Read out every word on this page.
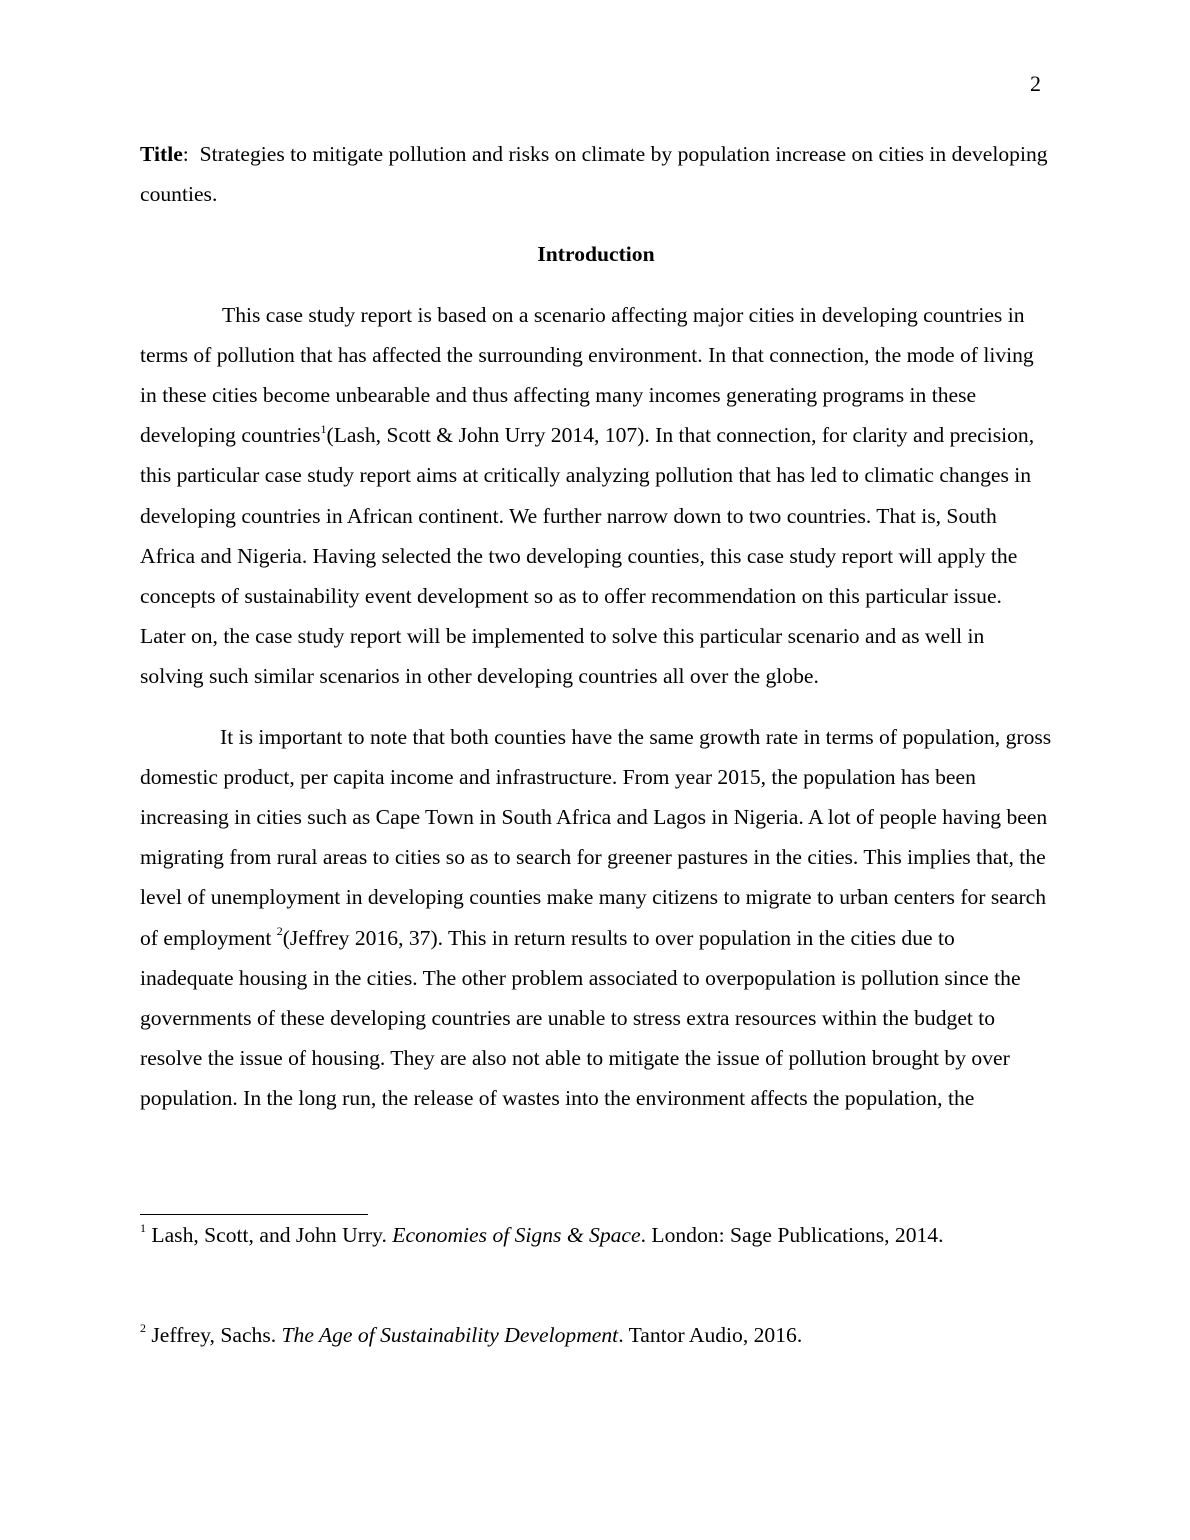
2

Title:  Strategies to mitigate pollution and risks on climate by population increase on cities in developing counties.

Introduction

This case study report is based on a scenario affecting major cities in developing countries in terms of pollution that has affected the surrounding environment. In that connection, the mode of living in these cities become unbearable and thus affecting many incomes generating programs in these developing countries$^1$(Lash, Scott & John Urry 2014, 107). In that connection, for clarity and precision, this particular case study report aims at critically analyzing pollution that has led to climatic changes in developing countries in African continent. We further narrow down to two countries. That is, South Africa and Nigeria. Having selected the two developing counties, this case study report will apply the concepts of sustainability event development so as to offer recommendation on this particular issue. Later on, the case study report will be implemented to solve this particular scenario and as well in solving such similar scenarios in other developing countries all over the globe.

It is important to note that both counties have the same growth rate in terms of population, gross domestic product, per capita income and infrastructure. From year 2015, the population has been increasing in cities such as Cape Town in South Africa and Lagos in Nigeria. A lot of people having been migrating from rural areas to cities so as to search for greener pastures in the cities. This implies that, the level of unemployment in developing counties make many citizens to migrate to urban centers for search of employment $^2$(Jeffrey 2016, 37). This in return results to over population in the cities due to inadequate housing in the cities. The other problem associated to overpopulation is pollution since the governments of these developing countries are unable to stress extra resources within the budget to resolve the issue of housing. They are also not able to mitigate the issue of pollution brought by over population. In the long run, the release of wastes into the environment affects the population, the

$^1$ Lash, Scott, and John Urry. Economies of Signs & Space. London: Sage Publications, 2014.
$^2$ Jeffrey, Sachs. The Age of Sustainability Development. Tantor Audio, 2016.
